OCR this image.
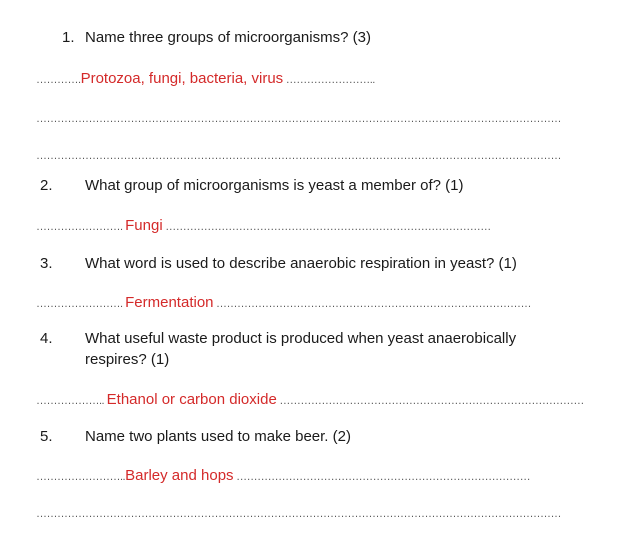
1. Name three groups of microorganisms? (3)
………….Protozoa, fungi, bacteria, virus ……………………..
……………………………………………………………………………………………………………………………………
……………………………………………………………………………………………………………………………………
2. What group of microorganisms is yeast a member of? (1)
……………………. Fungi …………………………………………………………………………………
3. What word is used to describe anaerobic respiration in yeast? (1)
……………………. Fermentation ………………………………………………………………………………
4. What useful waste product is produced when yeast anaerobically
respires? (1)
……………….. Ethanol or carbon dioxide ……………………………………………………………………………
5. Name two plants used to make beer. (2)
……………………..Barley and hops …………………………………………………………………………
……………………………………………………………………………………………………………………………………
